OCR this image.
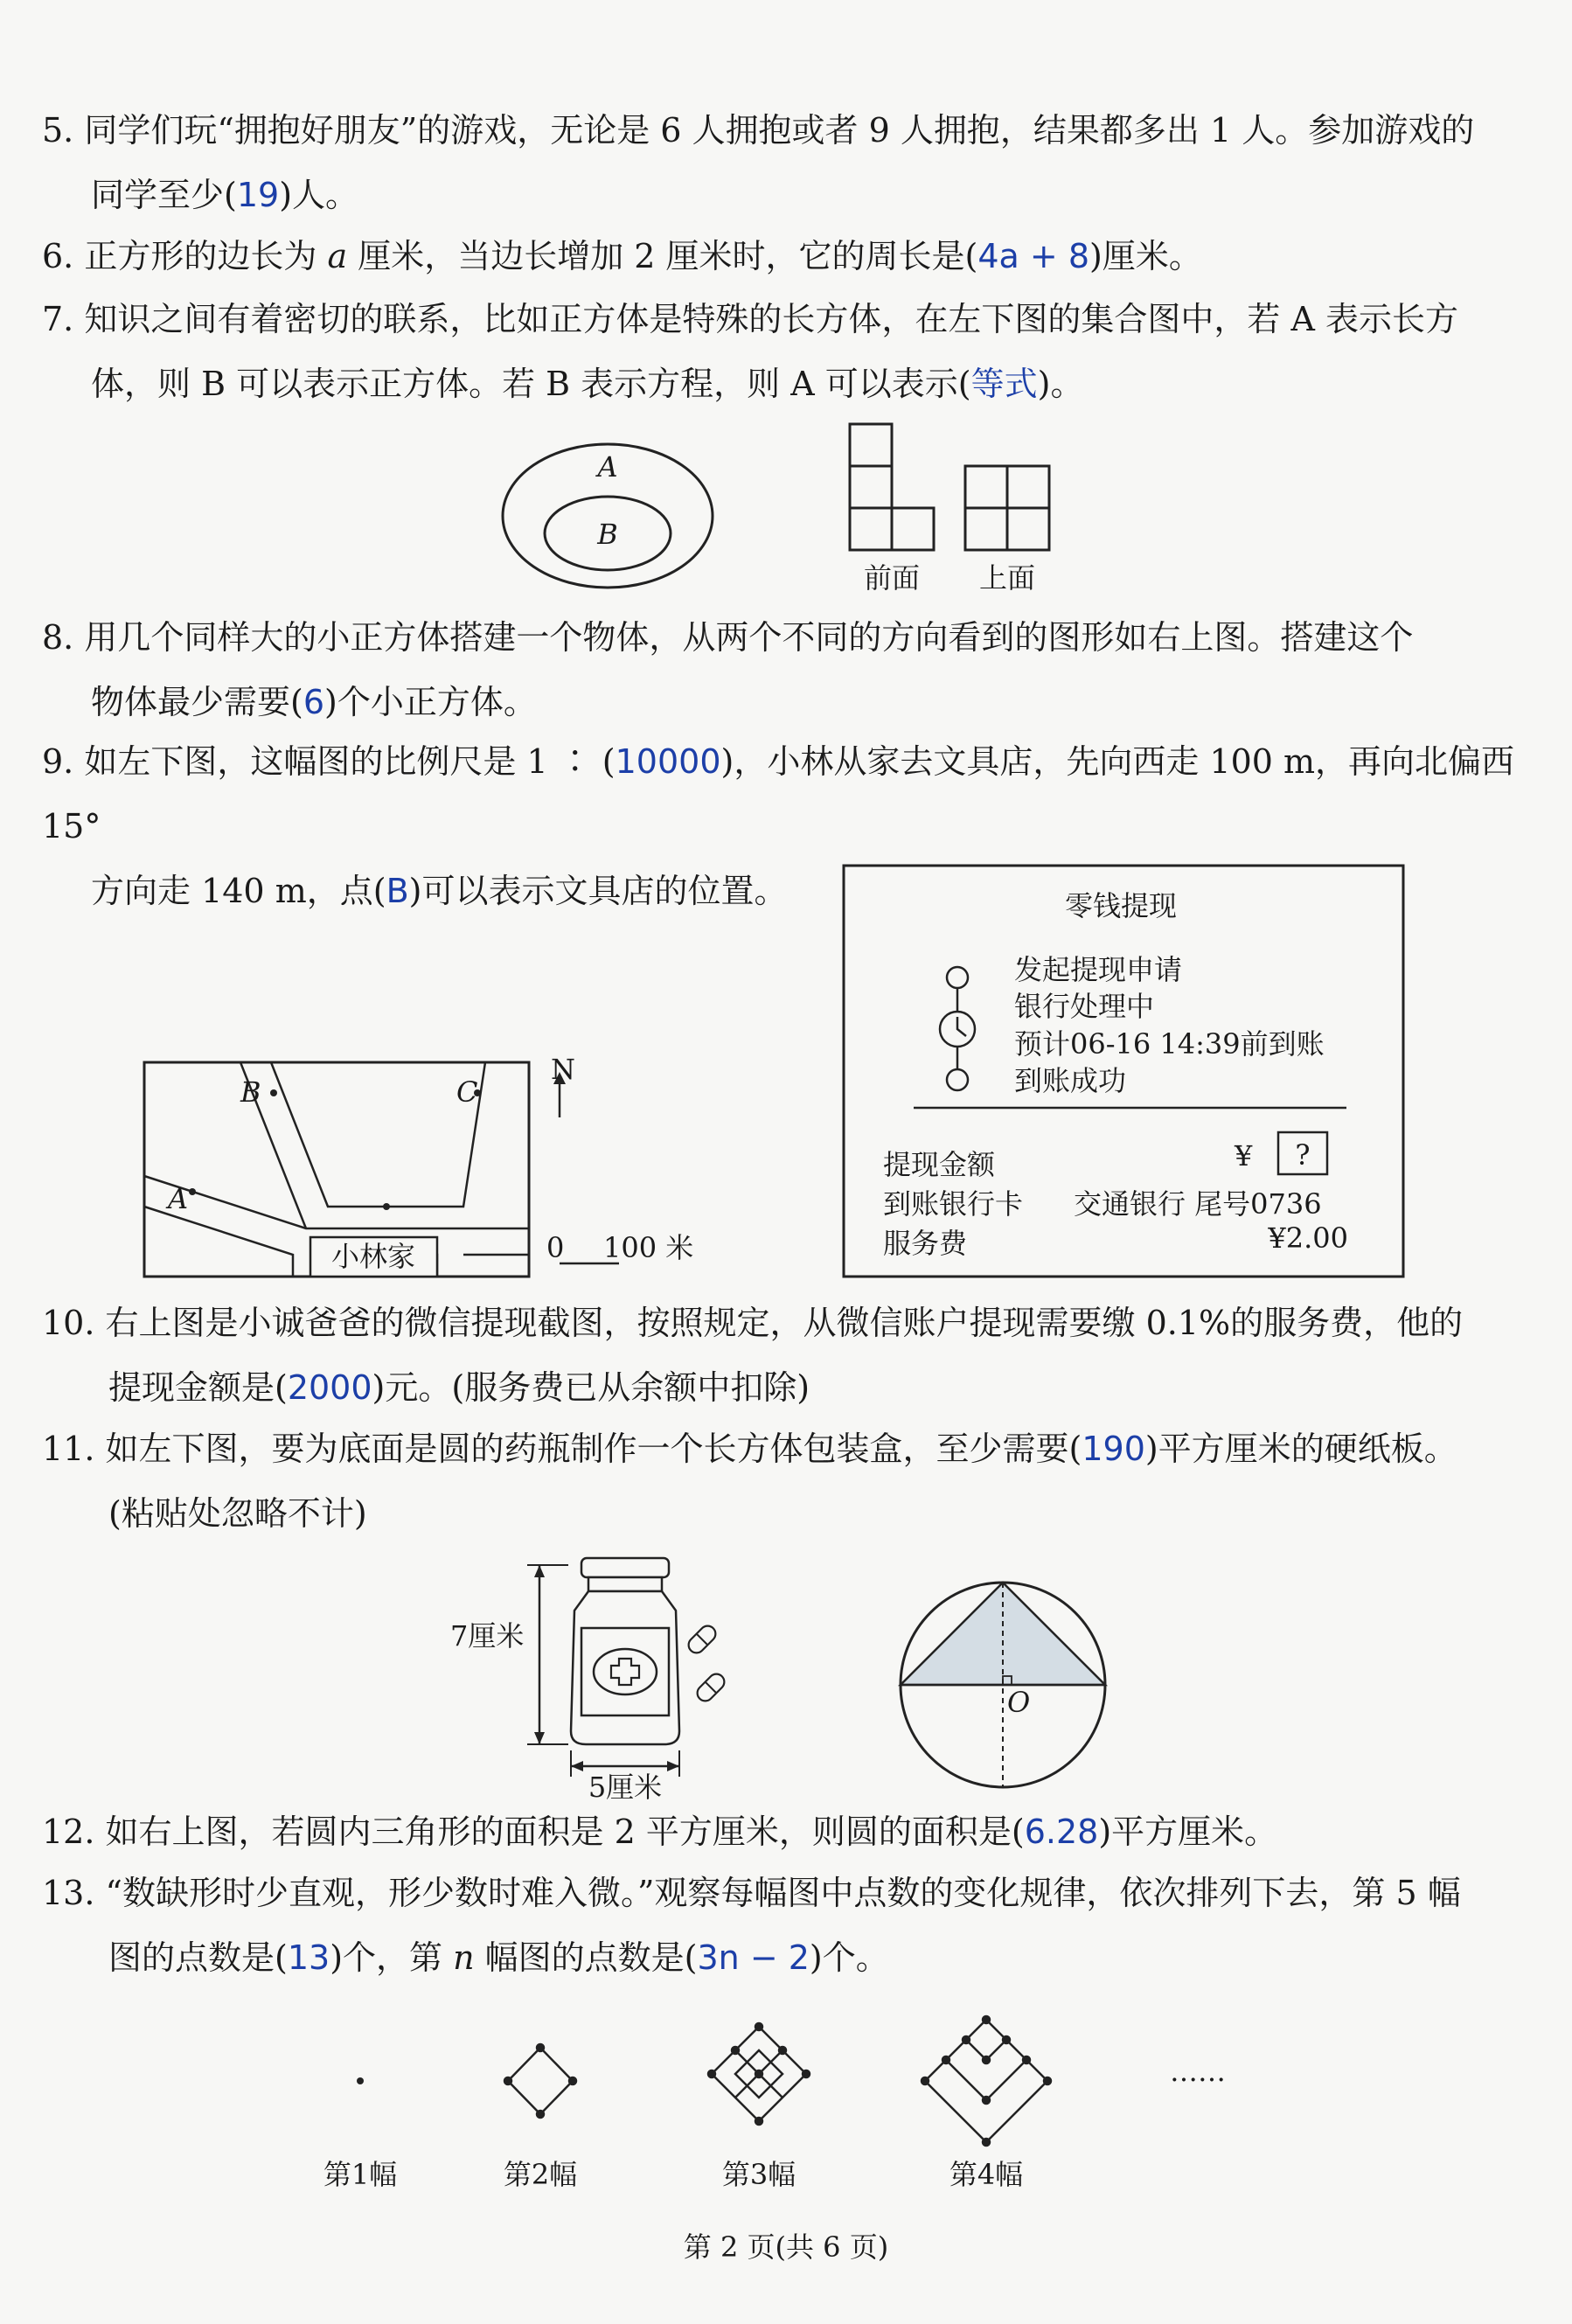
5. 同学们玩“拥抱好朋友”的游戏，无论是 6 人拥抱或者 9 人拥抱，结果都多出 1 人。参加游戏的
同学至少(19)人。
6. 正方形的边长为 a 厘米，当边长增加 2 厘米时，它的周长是(4a + 8)厘米。
7. 知识之间有着密切的联系，比如正方体是特殊的长方体，在左下图的集合图中，若 A 表示长方
体，则 B 可以表示正方体。若 B 表示方程，则 A 可以表示(等式)。
A
B
前面 上面
8. 用几个同样大的小正方体搭建一个物体，从两个不同的方向看到的图形如右上图。搭建这个
物体最少需要(6)个小正方体。
9. 如左下图，这幅图的比例尺是 1 ∶ (10000)，小林从家去文具店，先向西走 100 m，再向北偏西 15°
方向走 140 m，点(B)可以表示文具店的位置。
小林家
A
B	C
N
0 100 米
零钱提现
发起提现申请
银行处理中
预计06-16 14:39前到账
到账成功
提现金额	¥ ?
到账银行卡 交通银行 尾号0736
服务费	¥2.00
10. 右上图是小诚爸爸的微信提现截图，按照规定，从微信账户提现需要缴 0.1%的服务费，他的
提现金额是(2000)元。(服务费已从余额中扣除)
11. 如左下图，要为底面是圆的药瓶制作一个长方体包装盒，至少需要(190)平方厘米的硬纸板。
(粘贴处忽略不计)
7厘米
5厘米
O
12. 如右上图，若圆内三角形的面积是 2 平方厘米，则圆的面积是(6.28)平方厘米。
13. “数缺形时少直观，形少数时难入微。”观察每幅图中点数的变化规律，依次排列下去，第 5 幅
图的点数是(13)个，第 n 幅图的点数是(3n − 2)个。
……
第1幅	第2幅	第3幅	第4幅
第 2 页(共 6 页)
